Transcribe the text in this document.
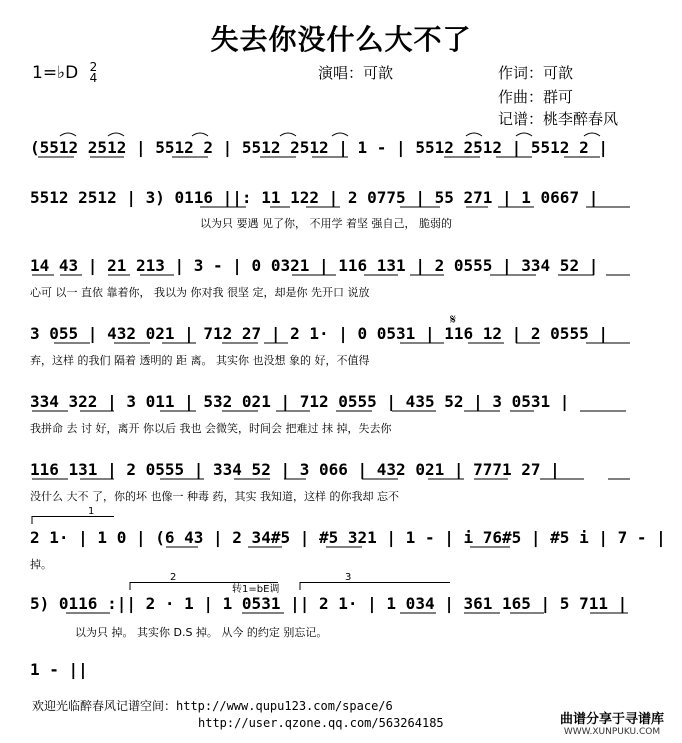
失去你没什么大不了
1=♭D 2
4	演唱：可歆	作词：可歆
作曲：群可
记谱：桃李醉春风
(5512 2512 | 5512 2 | 5512 2512 | 1 - | 5512 2512 | 5512 2 |
5512 2512 | 3) 0116 ||: 11 122 | 2 0775 | 55 271 | 1 0667 |
以为只 要遇 见了你， 不用学 着坚 强自己， 脆弱的
14 43 | 21 213 | 3 - | 0 0321 | 116 131 | 2 0555 | 334 52 |
心可 以一 直依 靠着你， 我以为 你对我 很坚 定，却是你 先开口 说放
3 055 | 432 021 | 712 27 | 2 1· | 0 0531 | 116 12 | 2 0555 |
弃，这样 的我们 隔着 透明的 距 离。 其实你 也没想 象的 好，不值得
334 322 | 3 011 | 532 021 | 712 0555 | 435 52 | 3 0531 |
我拼命 去 讨 好，离开 你以后 我也 会微笑，时间会 把难过 抹 掉，失去你
116 131 | 2 0555 | 334 52 | 3 066 | 432 021 | 7771 27 |
没什么 大不 了，你的坏 也像一 种毒 药，其实 我知道，这样 的你我却 忘不
2 1· | 1 0 | (6 43 | 2 34#5 | #5 321 | 1 - | i 76#5 | #5 i | 7 - |
掉。
5) 0116 :|| 2 · 1 | 1 0531 || 2 1· | 1 034 | 361 165 | 5 711 |
以为只 掉。 其实你 D.S 掉。 从今 的约定 别忘记。
1 - ||
1
2	3
转1=bE调
𝄋
欢迎光临醉春风记谱空间：http://www.qupu123.com/space/6
http://user.qzone.qq.com/563264185	曲谱分享于寻谱库
WWW.XUNPUKU.COM
